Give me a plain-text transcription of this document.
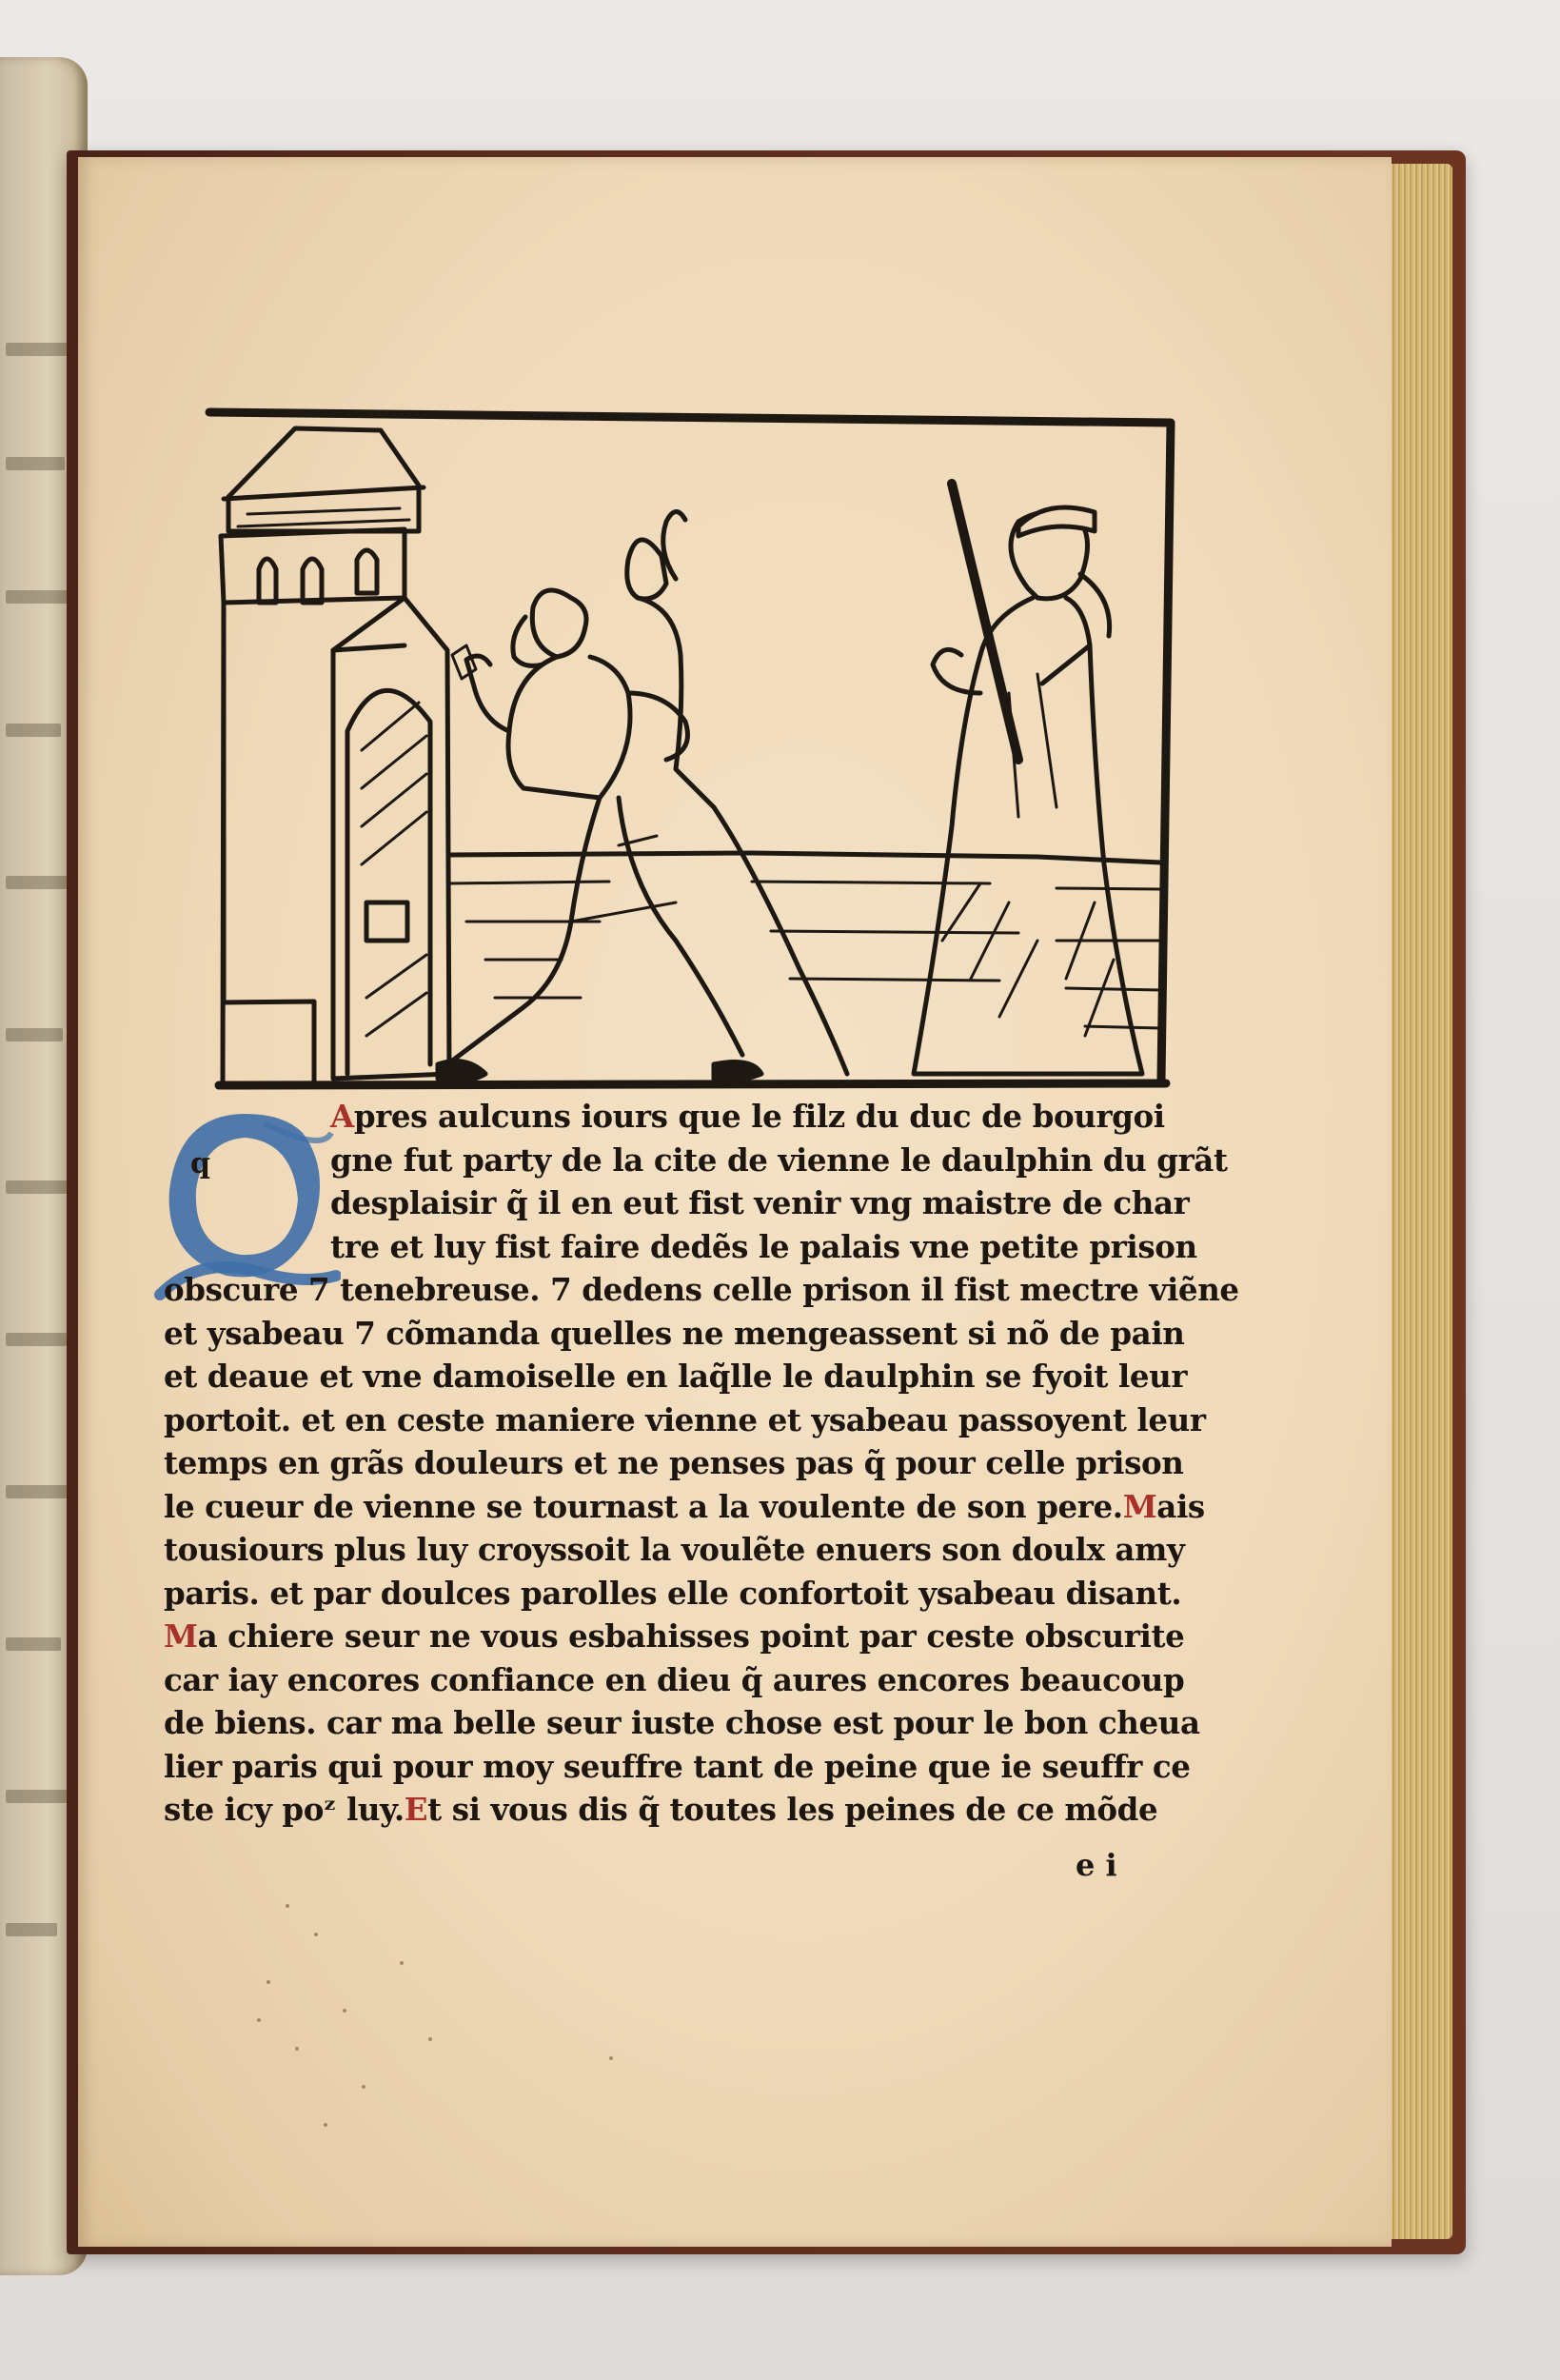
q
Apres aulcuns iours que le filz du duc de bourgoi
gne fut party de la cite de vienne le daulphin du grãt
desplaisir q̃ il en eut fist venir vng maistre de char
tre et luy fist faire dedẽs le palais vne petite prison
obscure 7 tenebreuse. 7 dedens celle prison il fist mectre viẽne
et ysabeau 7 cõmanda quelles ne mengeassent si nõ de pain
et deaue et vne damoiselle en laq̃lle le daulphin se fyoit leur
portoit. et en ceste maniere vienne et ysabeau passoyent leur
temps en grãs douleurs et ne penses pas q̃ pour celle prison
le cueur de vienne se tournast a la voulente de son pere.Mais
tousiours plus luy croyssoit la voulẽte enuers son doulx amy
paris. et par doulces parolles elle confortoit ysabeau disant.
Ma chiere seur ne vous esbahisses point par ceste obscurite
car iay encores confiance en dieu q̃ aures encores beaucoup
de biens. car ma belle seur iuste chose est pour le bon cheua
lier paris qui pour moy seuffre tant de peine que ie seuffr ce
ste icy poᶻ luy.Et si vous dis q̃ toutes les peines de ce mõde
e i
